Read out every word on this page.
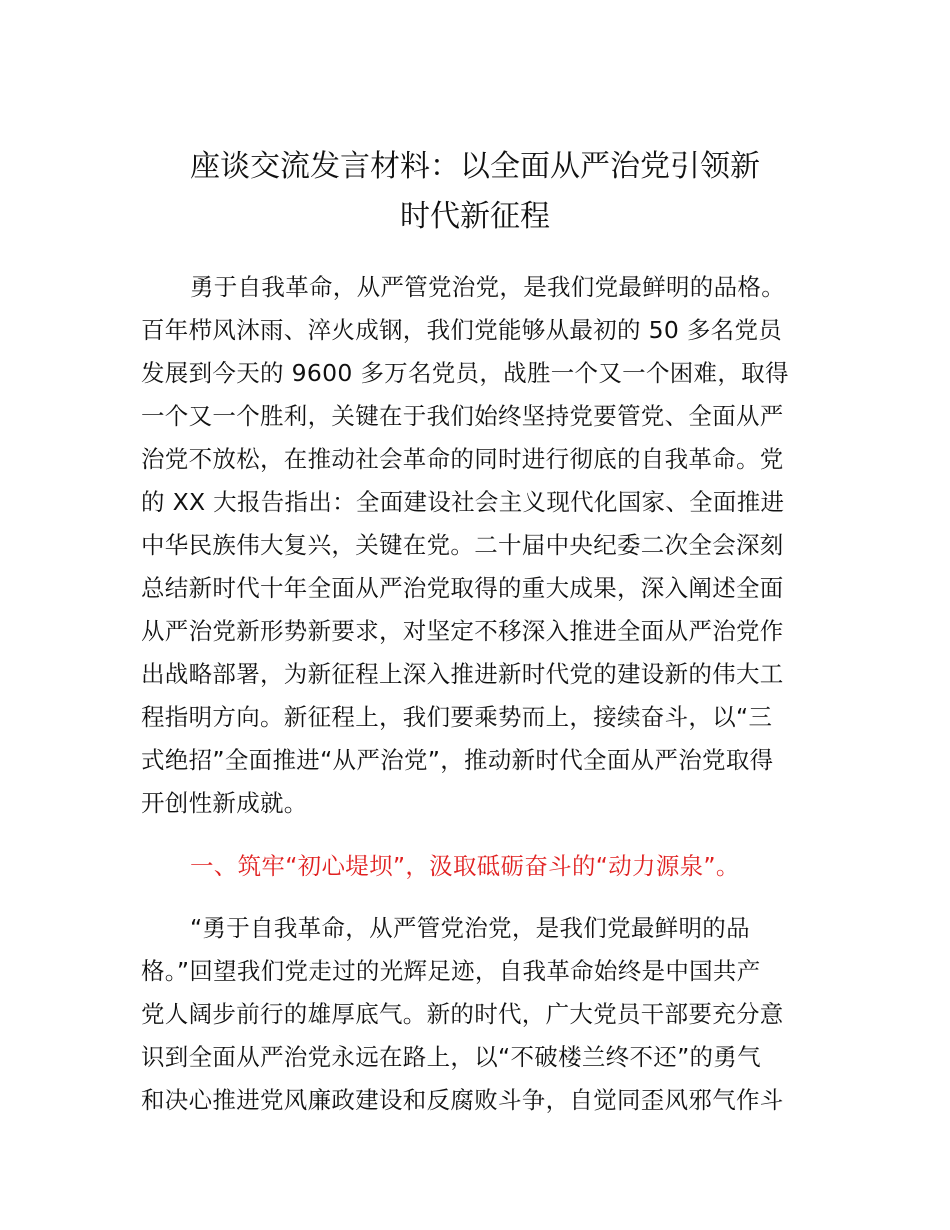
座谈交流发言材料：以全面从严治党引领新
时代新征程
勇于自我革命，从严管党治党，是我们党最鲜明的品格。
百年栉风沐雨、淬火成钢，我们党能够从最初的 50 多名党员
发展到今天的 9600 多万名党员，战胜一个又一个困难，取得
一个又一个胜利，关键在于我们始终坚持党要管党、全面从严
治党不放松，在推动社会革命的同时进行彻底的自我革命。党
的 XX 大报告指出：全面建设社会主义现代化国家、全面推进
中华民族伟大复兴，关键在党。二十届中央纪委二次全会深刻
总结新时代十年全面从严治党取得的重大成果，深入阐述全面
从严治党新形势新要求，对坚定不移深入推进全面从严治党作
出战略部署，为新征程上深入推进新时代党的建设新的伟大工
程指明方向。新征程上，我们要乘势而上，接续奋斗，以“三
式绝招”全面推进“从严治党”，推动新时代全面从严治党取得
开创性新成就。
一、筑牢“初心堤坝”，汲取砥砺奋斗的“动力源泉”。
“勇于自我革命，从严管党治党，是我们党最鲜明的品
格。”回望我们党走过的光辉足迹，自我革命始终是中国共产
党人阔步前行的雄厚底气。新的时代，广大党员干部要充分意
识到全面从严治党永远在路上，以“不破楼兰终不还”的勇气
和决心推进党风廉政建设和反腐败斗争，自觉同歪风邪气作斗
